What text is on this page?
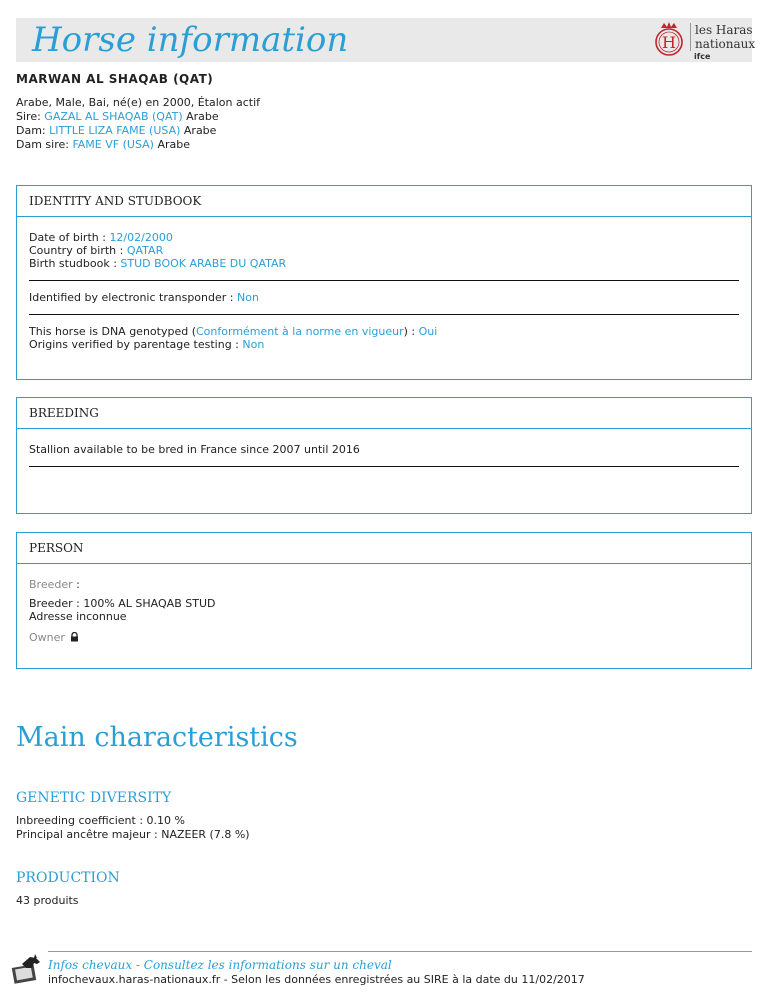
Horse information	H
les Haras
nationaux
ifce
MARWAN AL SHAQAB (QAT)
Arabe, Male, Bai, né(e) en 2000, Étalon actif
Sire: GAZAL AL SHAQAB (QAT) Arabe
Dam: LITTLE LIZA FAME (USA) Arabe
Dam sire: FAME VF (USA) Arabe
IDENTITY AND STUDBOOK
Date of birth : 12/02/2000
Country of birth : QATAR
Birth studbook : STUD BOOK ARABE DU QATAR
Identified by electronic transponder : Non
This horse is DNA genotyped (Conformément à la norme en vigueur) : Oui
Origins verified by parentage testing : Non
BREEDING
Stallion available to be bred in France since 2007 until 2016
PERSON
Breeder :
Breeder : 100% AL SHAQAB STUD
Adresse inconnue
Owner
Main characteristics
GENETIC DIVERSITY
Inbreeding coefficient : 0.10 %
Principal ancêtre majeur : NAZEER (7.8 %)
PRODUCTION
43 produits
Infos chevaux - Consultez les informations sur un cheval
infochevaux.haras-nationaux.fr - Selon les données enregistrées au SIRE à la date du 11/02/2017
